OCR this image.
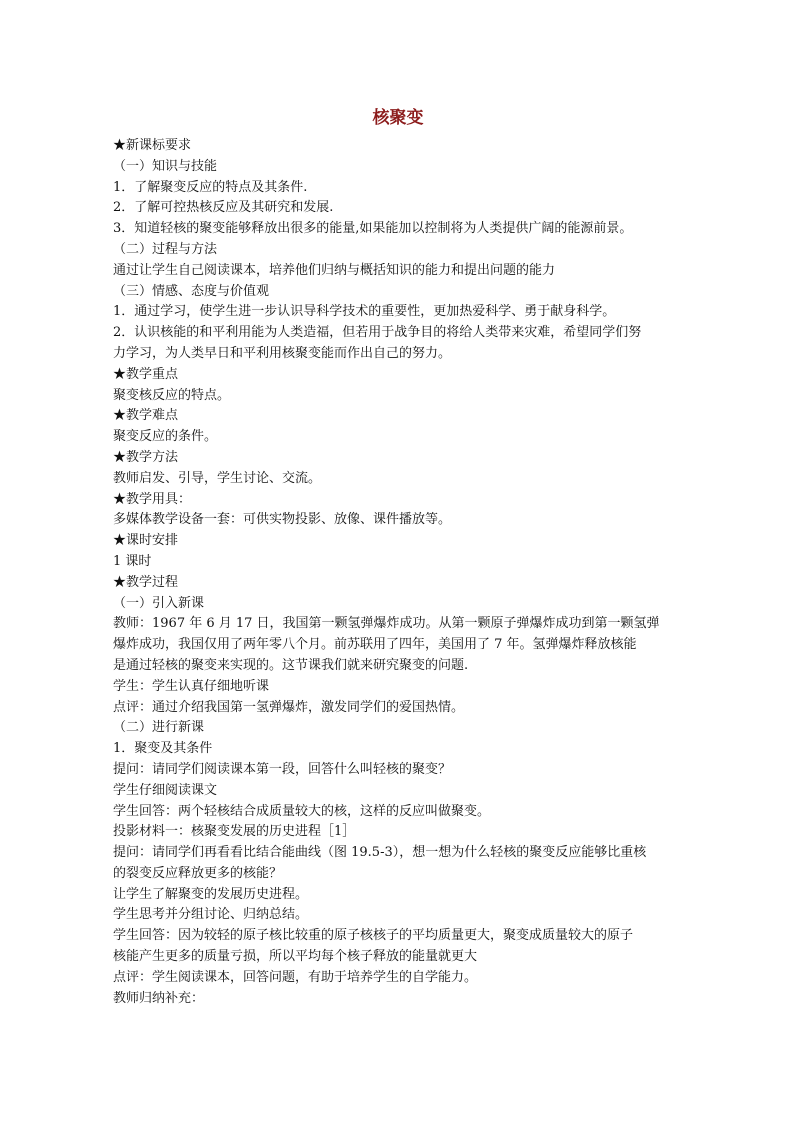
核聚变
★新课标要求
（一）知识与技能
1．了解聚变反应的特点及其条件.
2．了解可控热核反应及其研究和发展.
3．知道轻核的聚变能够释放出很多的能量,如果能加以控制将为人类提供广阔的能源前景。
（二）过程与方法
通过让学生自己阅读课本，培养他们归纳与概括知识的能力和提出问题的能力
（三）情感、态度与价值观
1．通过学习，使学生进一步认识导科学技术的重要性，更加热爱科学、勇于献身科学。
2．认识核能的和平利用能为人类造福，但若用于战争目的将给人类带来灾难，希望同学们努
力学习，为人类早日和平利用核聚变能而作出自己的努力。
★教学重点
聚变核反应的特点。
★教学难点
聚变反应的条件。
★教学方法
教师启发、引导，学生讨论、交流。
★教学用具：
多媒体教学设备一套：可供实物投影、放像、课件播放等。
★课时安排
1 课时
★教学过程
（一）引入新课
教师：1967 年 6 月 17 日，我国第一颗氢弹爆炸成功。从第一颗原子弹爆炸成功到第一颗氢弹
爆炸成功，我国仅用了两年零八个月。前苏联用了四年，美国用了 7 年。氢弹爆炸释放核能
是通过轻核的聚变来实现的。这节课我们就来研究聚变的问题.
学生：学生认真仔细地听课
点评：通过介绍我国第一氢弹爆炸，激发同学们的爱国热情。
（二）进行新课
1．聚变及其条件
提问：请同学们阅读课本第一段，回答什么叫轻核的聚变？
学生仔细阅读课文
学生回答：两个轻核结合成质量较大的核，这样的反应叫做聚变。
投影材料一：核聚变发展的历史进程［1］
提问：请同学们再看看比结合能曲线（图 19.5-3），想一想为什么轻核的聚变反应能够比重核
的裂变反应释放更多的核能？
让学生了解聚变的发展历史进程。
学生思考并分组讨论、归纳总结。
学生回答：因为较轻的原子核比较重的原子核核子的平均质量更大，聚变成质量较大的原子
核能产生更多的质量亏损，所以平均每个核子释放的能量就更大
点评：学生阅读课本，回答问题，有助于培养学生的自学能力。
教师归纳补充：
